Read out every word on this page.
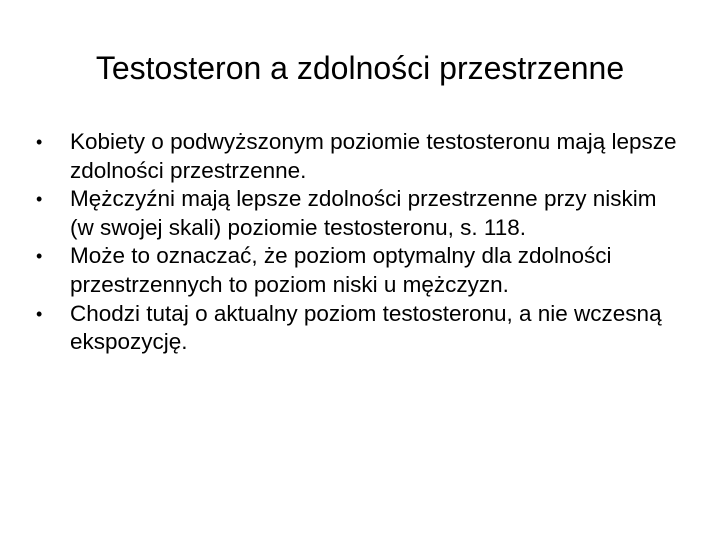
Testosteron a zdolności przestrzenne
•	Kobiety o podwyższonym poziomie testosteronu mają lepsze zdolności przestrzenne.
•	Mężczyźni mają lepsze zdolności przestrzenne przy niskim (w swojej skali) poziomie testosteronu, s. 118.
•	Może to oznaczać, że poziom optymalny dla zdolności przestrzennych to poziom niski u mężczyzn.
•	Chodzi tutaj o aktualny poziom testosteronu, a nie wczesną ekspozycję.
